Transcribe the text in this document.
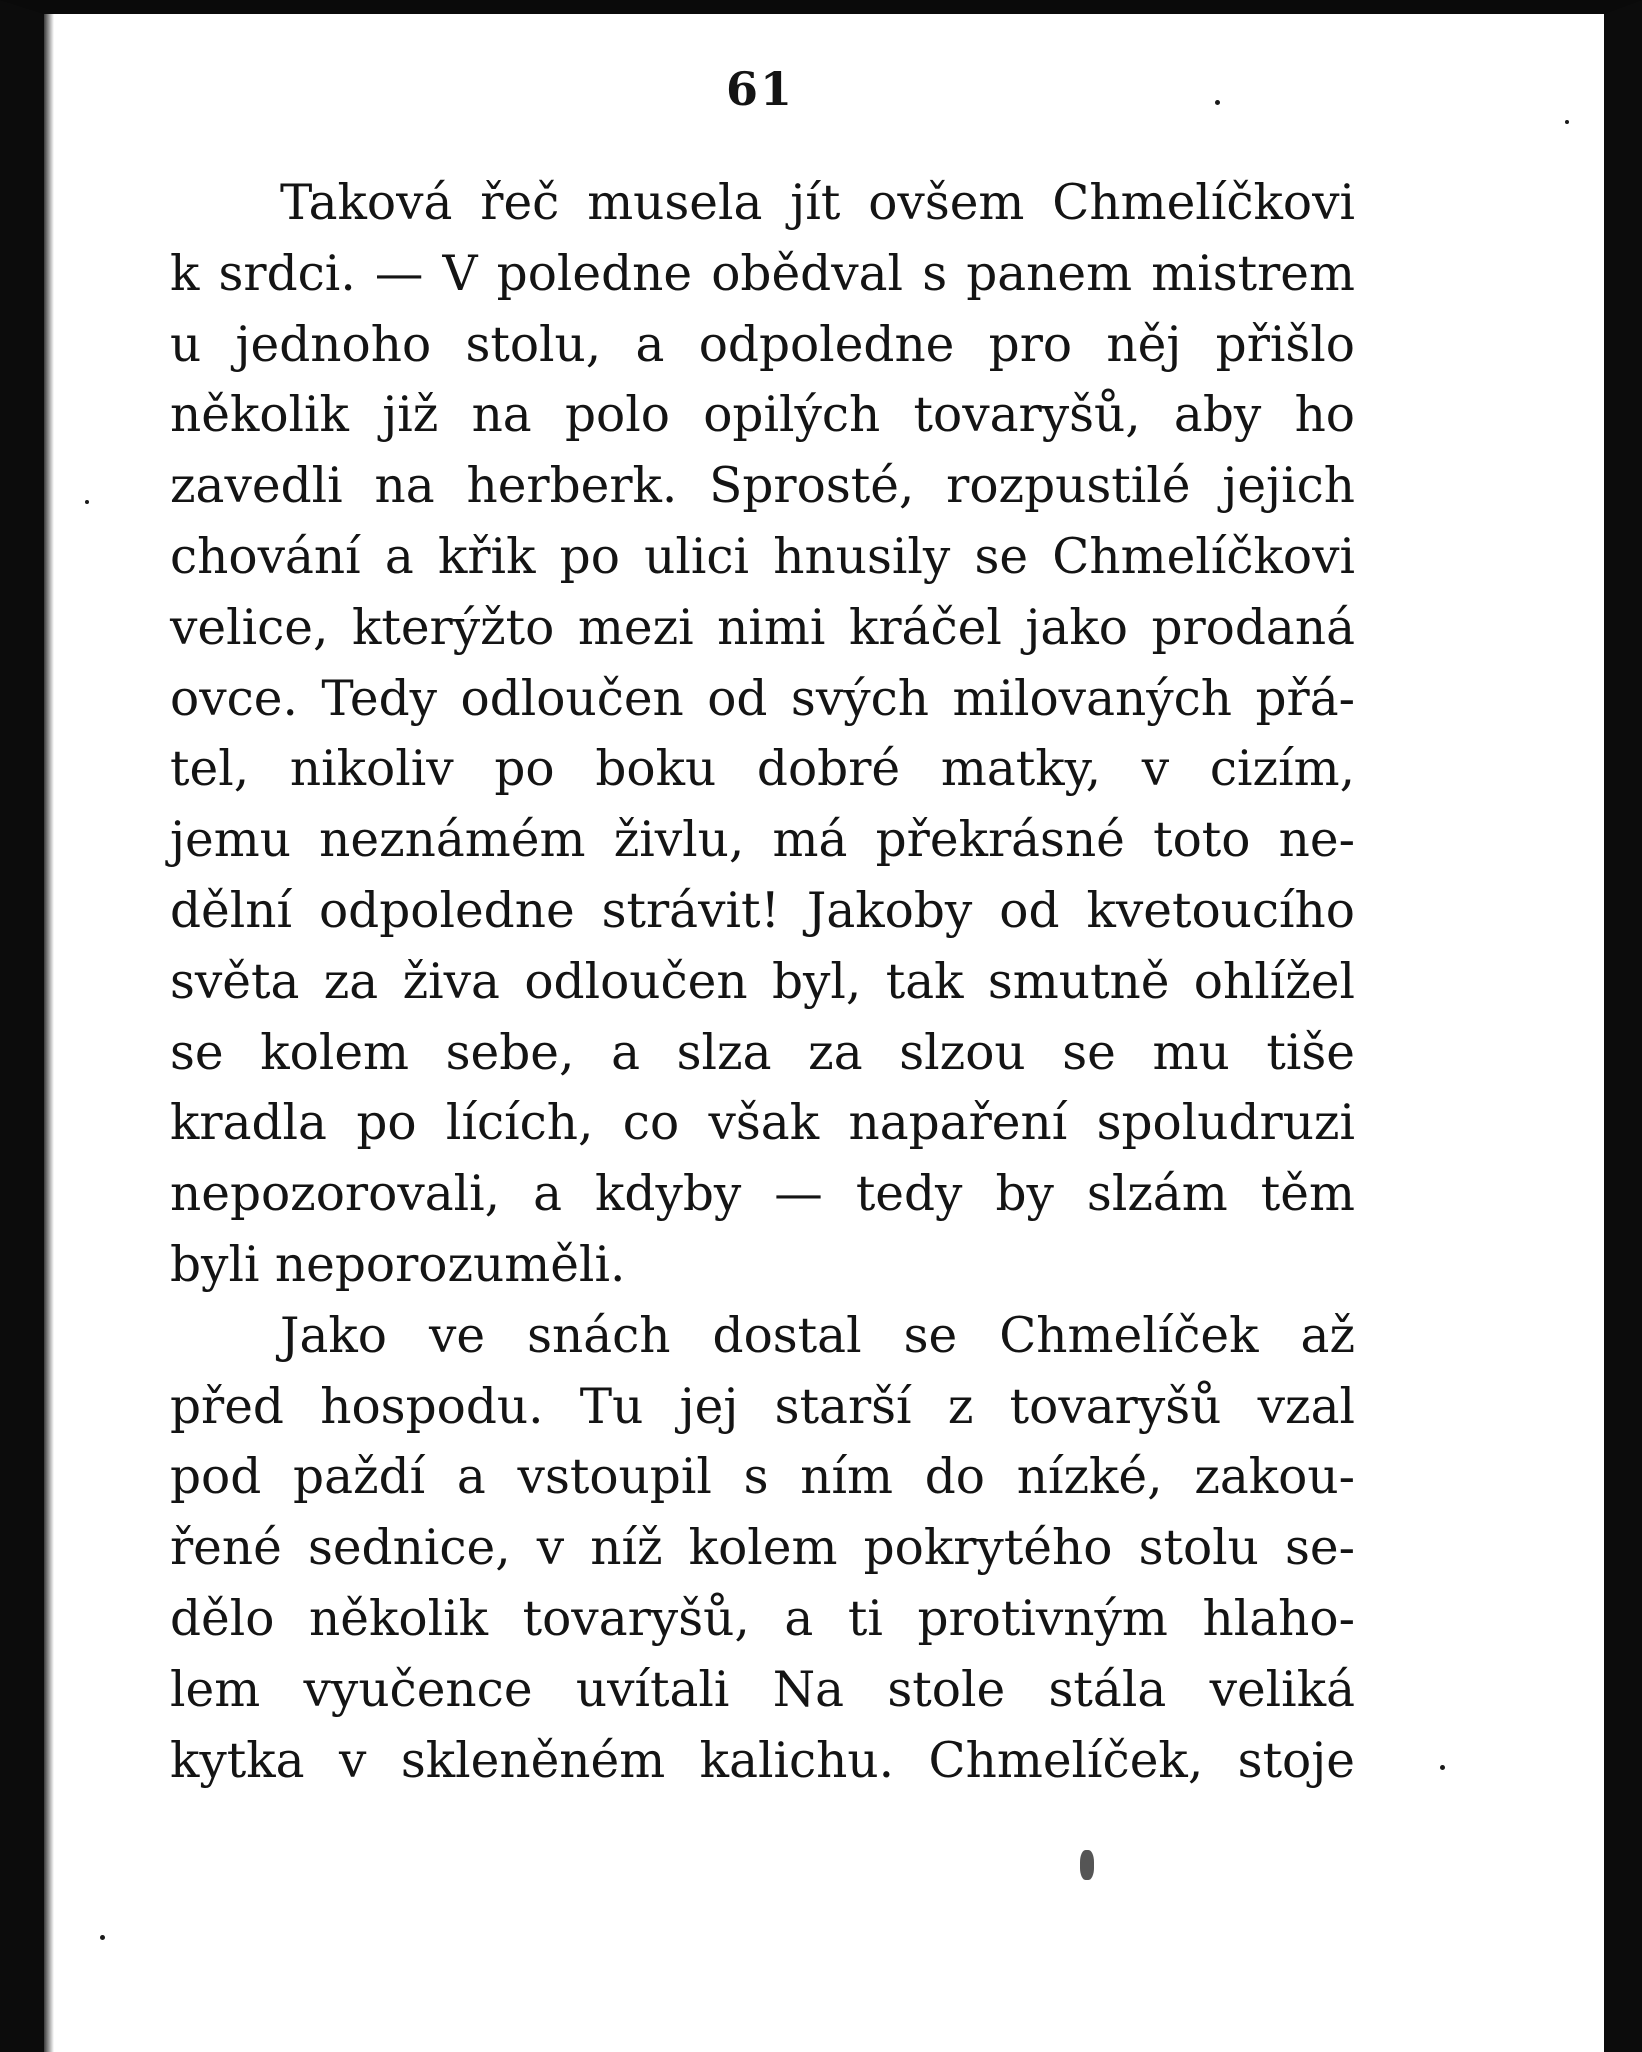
61
Taková řeč musela jít ovšem Chmelíčkovi
k srdci. — V poledne obědval s panem mistrem
u jednoho stolu, a odpoledne pro něj přišlo
několik již na polo opilých tovaryšů, aby ho
zavedli na herberk. Sprosté, rozpustilé jejich
chování a křik po ulici hnusily se Chmelíčkovi
velice, kterýžto mezi nimi kráčel jako prodaná
ovce. Tedy odloučen od svých milovaných přá-
tel, nikoliv po boku dobré matky, v cizím,
jemu neznámém živlu, má překrásné toto ne-
dělní odpoledne strávit! Jakoby od kvetoucího
světa za živa odloučen byl, tak smutně ohlížel
se kolem sebe, a slza za slzou se mu tiše
kradla po lících, co však napaření spoludruzi
nepozorovali, a kdyby — tedy by slzám těm
byli neporozuměli.
Jako ve snách dostal se Chmelíček až
před hospodu. Tu jej starší z tovaryšů vzal
pod paždí a vstoupil s ním do nízké, zakou-
řené sednice, v níž kolem pokrytého stolu se-
dělo několik tovaryšů, a ti protivným hlaho-
lem vyučence uvítali Na stole stála veliká
kytka v skleněném kalichu. Chmelíček, stoje
